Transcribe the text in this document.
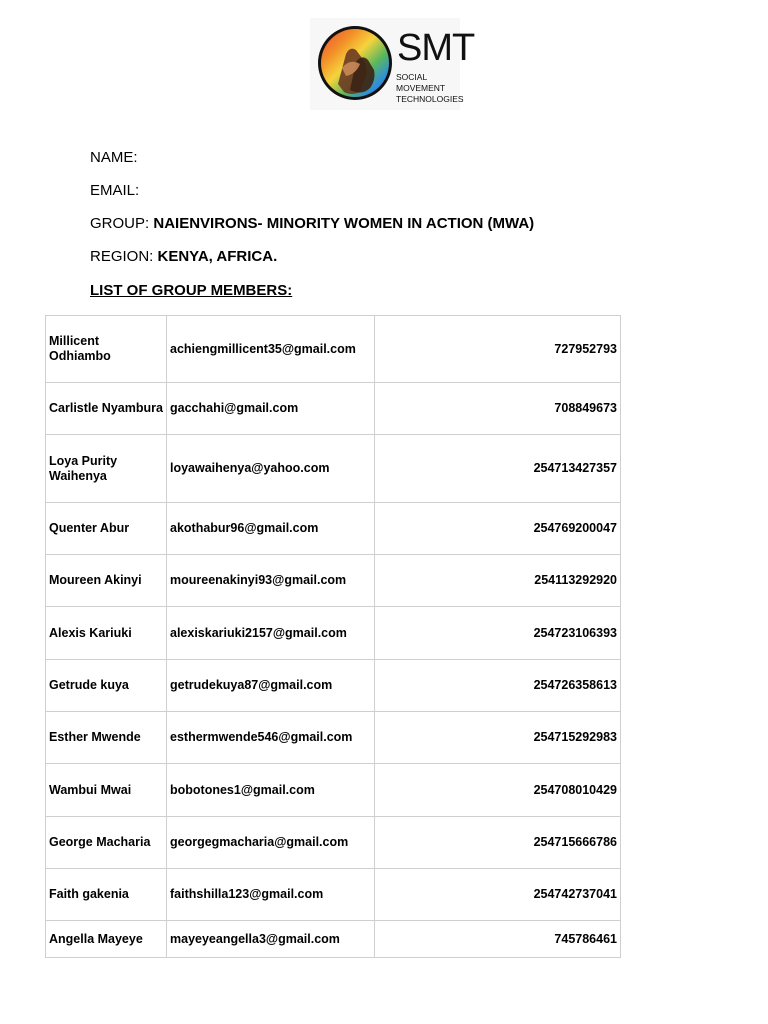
SMT
SOCIAL MOVEMENT
TECHNOLOGIES
NAME:
EMAIL:
GROUP: NAIENVIRONS- MINORITY WOMEN IN ACTION (MWA)
REGION: KENYA, AFRICA.
LIST OF GROUP MEMBERS:
Millicent Odhiambo	achiengmillicent35@gmail.com	727952793
Carlistle Nyambura	gacchahi@gmail.com	708849673
Loya Purity Waihenya	loyawaihenya@yahoo.com	254713427357
Quenter Abur	akothabur96@gmail.com	254769200047
Moureen Akinyi	moureenakinyi93@gmail.com	254113292920
Alexis Kariuki	alexiskariuki2157@gmail.com	254723106393
Getrude kuya	getrudekuya87@gmail.com	254726358613
Esther Mwende	esthermwende546@gmail.com	254715292983
Wambui Mwai	bobotones1@gmail.com	254708010429
George Macharia	georgegmacharia@gmail.com	254715666786
Faith gakenia	faithshilla123@gmail.com	254742737041
Angella Mayeye	mayeyeangella3@gmail.com	745786461
